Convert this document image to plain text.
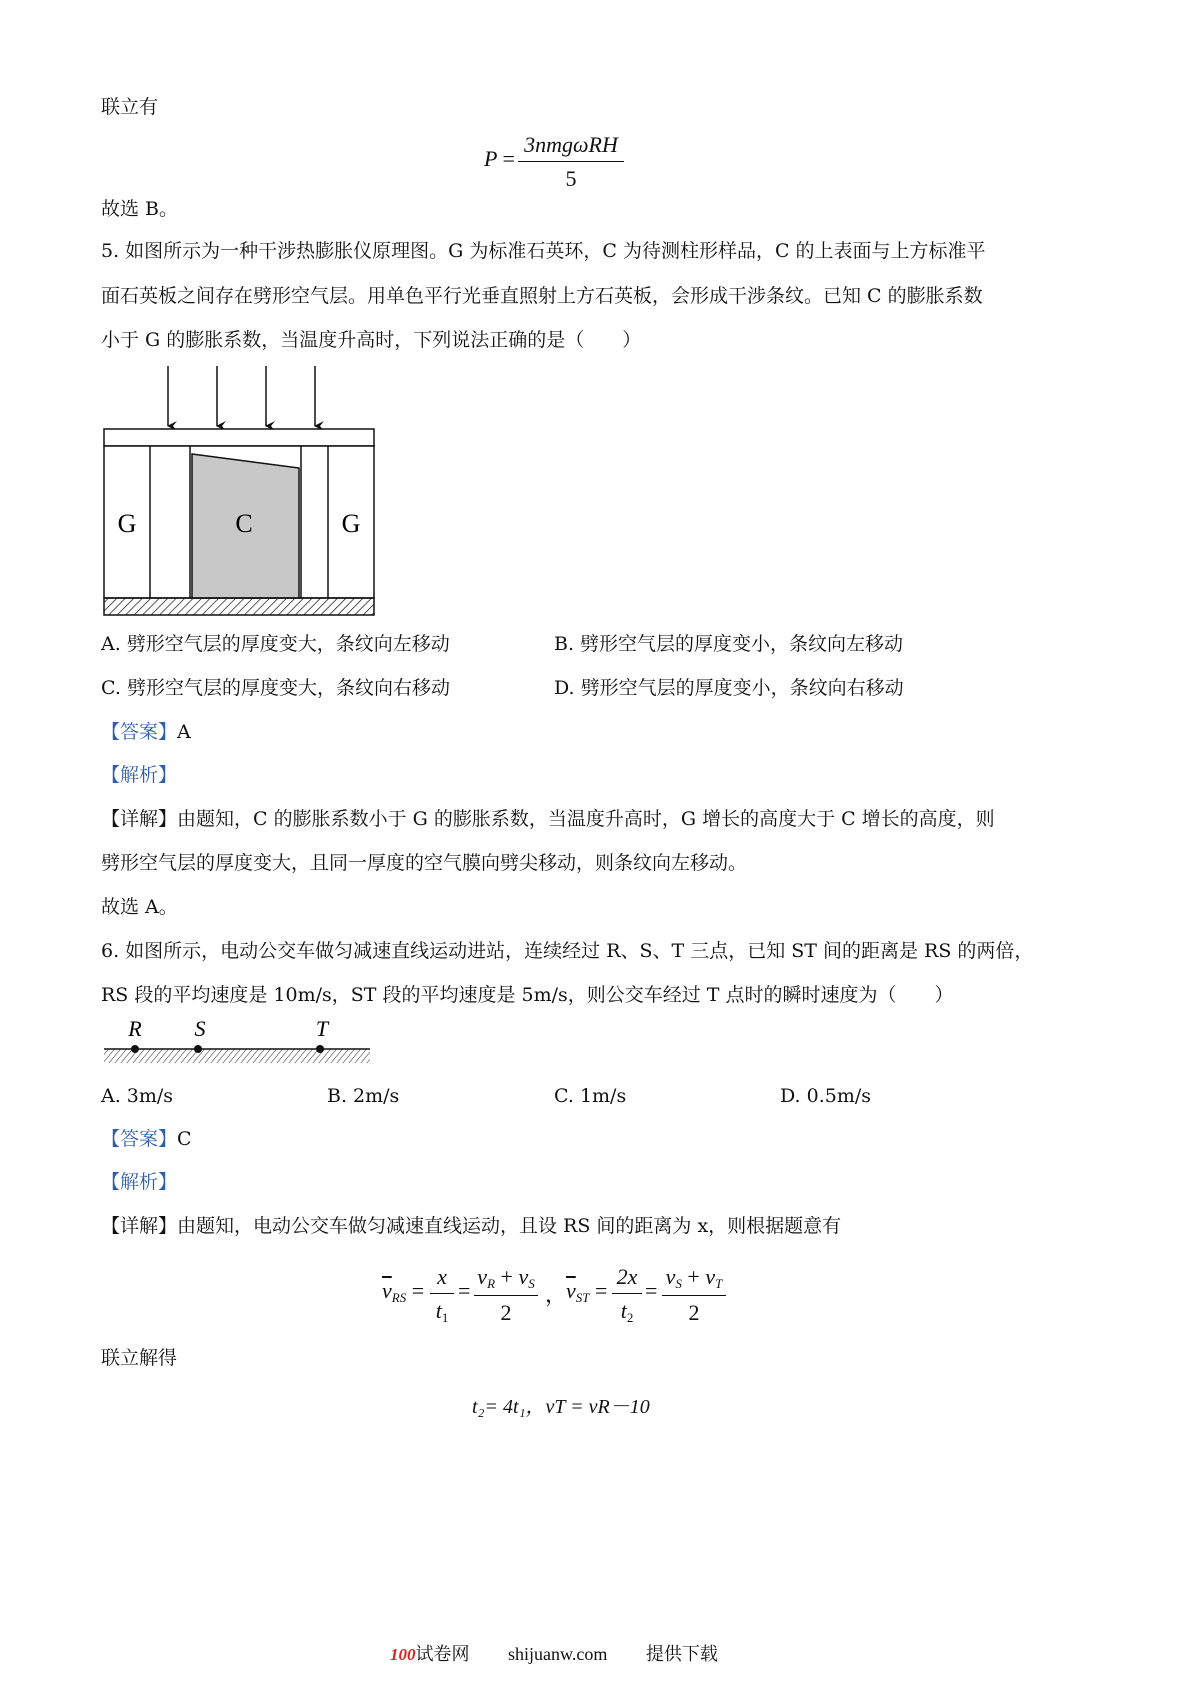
联立有
P =
3nmgωRH
5
故选 B。
5. 如图所示为一种干涉热膨胀仪原理图。G 为标准石英环，C 为待测柱形样品，C 的上表面与上方标准平
面石英板之间存在劈形空气层。用单色平行光垂直照射上方石英板，会形成干涉条纹。已知 C 的膨胀系数
小于 G 的膨胀系数，当温度升高时，下列说法正确的是（　　）
G	C	G
A. 劈形空气层的厚度变大，条纹向左移动	B. 劈形空气层的厚度变小，条纹向左移动
C. 劈形空气层的厚度变大，条纹向右移动	D. 劈形空气层的厚度变小，条纹向右移动
【答案】A
【解析】
【详解】由题知，C 的膨胀系数小于 G 的膨胀系数，当温度升高时，G 增长的高度大于 C 增长的高度，则
劈形空气层的厚度变大，且同一厚度的空气膜向劈尖移动，则条纹向左移动。
故选 A。
6. 如图所示，电动公交车做匀减速直线运动进站，连续经过 R、S、T 三点，已知 ST 间的距离是 RS 的两倍，
RS 段的平均速度是 10m/s，ST 段的平均速度是 5m/s，则公交车经过 T 点时的瞬时速度为（　　）
R S	T
A. 3m/s	B. 2m/s	C. 1m/s	D. 0.5m/s
【答案】C
【解析】
【详解】由题知，电动公交车做匀减速直线运动，且设 RS 间的距离为 x，则根据题意有
$\overline{v}_{RS} = \frac{x}{t_1} = \frac{v_R + v_S}{2}$ ，
$\overline{v}_{ST} = \frac{2x}{t_2} = \frac{v_S + v_T}{2}$
联立解得
t₂= 4t₁，vT = vR－10
100试卷网 shijuanw.com 提供下载
